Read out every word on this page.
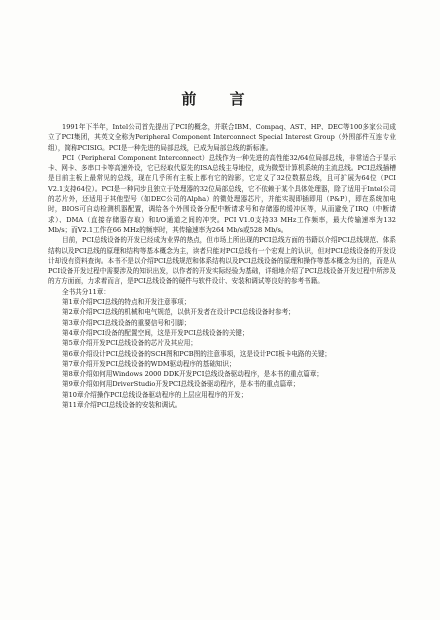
前 言

1991年下半年，Intel公司首先提出了PCI的概念，并联合IBM、Compaq、AST、HP、DEC等100多家公司成立了PCI集团，其英文全称为Peripheral Component Interconnect Special Interest Group（外围部件互连专业组），简称PCISIG。PCI是一种先进的局部总线，已成为局部总线的新标准。

PCI（Peripheral Component Interconnect）总线作为一种先进的高性能32/64位局部总线，非常适合于显示卡、网卡、多串口卡等高速外设，它已经取代原先的ISA总线主导地位，成为微型计算机系统的主流总线。PCI总线插槽是目前主板上最常见的总线，现在几乎所有主板上都有它的踪影，它定义了32位数据总线，且可扩展为64位（PCI V2.1支持64位）。PCI是一种同步且独立于处理器的32位局部总线，它不依赖于某个具体处理器，除了适用于Intel公司的芯片外，还适用于其他型号（如DEC公司的Alpha）的微处理器芯片，并能实现即插即用（P&P），即在系统加电时，BIOS可自动检测机器配置，调给各个外围设备分配中断请求号和存储器的缓冲区等，从而避免了IRQ（中断请求）、DMA（直接存储器存取）和I/O通道之间的冲突。PCI V1.0支持33 MHz工作频率，最大传输速率为132 Mb/s；而V2.1工作在66 MHz的频率时，其传输速率为264 Mb/s或528 Mb/s。

目前，PCI总线设备的开发已经成为业界的热点，但市场上所出现的PCI总线方面的书籍以介绍PCI总线规范、体系结构以及PCI总线的原理和结构等基本概念为主，读者只能对PCI总线有一个宏观上的认识，但对PCI总线设备的开发设计却没有资料查询。本书不是以介绍PCI总线规范和体系结构以及PCI总线设备的原理和操作等基本概念为目的，而是从PCI设备开发过程中需要涉及的知识出发，以作者的开发实际经验为基础，详细地介绍了PCI总线设备开发过程中所涉及的方方面面，力求着而言，是PCI总线设备的硬件与软件设计、安装和调试等良好的参考书籍。

全书共分11章：

第1章介绍PCI总线的特点和开发注意事项；
第2章介绍PCI总线的机械和电气规范，以供开发者在设计PCI总线设备时参考；
第3章介绍PCI总线设备的重要信号和引脚；
第4章介绍PCI设备的配置空间，这是开发PCI总线设备的关键；
第5章介绍开发PCI总线设备的芯片及其应用；
第6章介绍设计PCI总线设备的SCH图和PCB图的注意事项，这是设计PCI板卡电路的关键；
第7章介绍开发PCI总线设备的WDM驱动程序的基础知识；
第8章介绍如何用Windows 2000 DDK开发PCI总线设备驱动程序，是本书的重点篇章；
第9章介绍如何用DriverStudio开发PCI总线设备驱动程序，是本书的重点篇章；
第10章介绍操作PCI总线设备驱动程序的上层应用程序的开发；
第11章介绍PCI总线设备的安装和调试。
